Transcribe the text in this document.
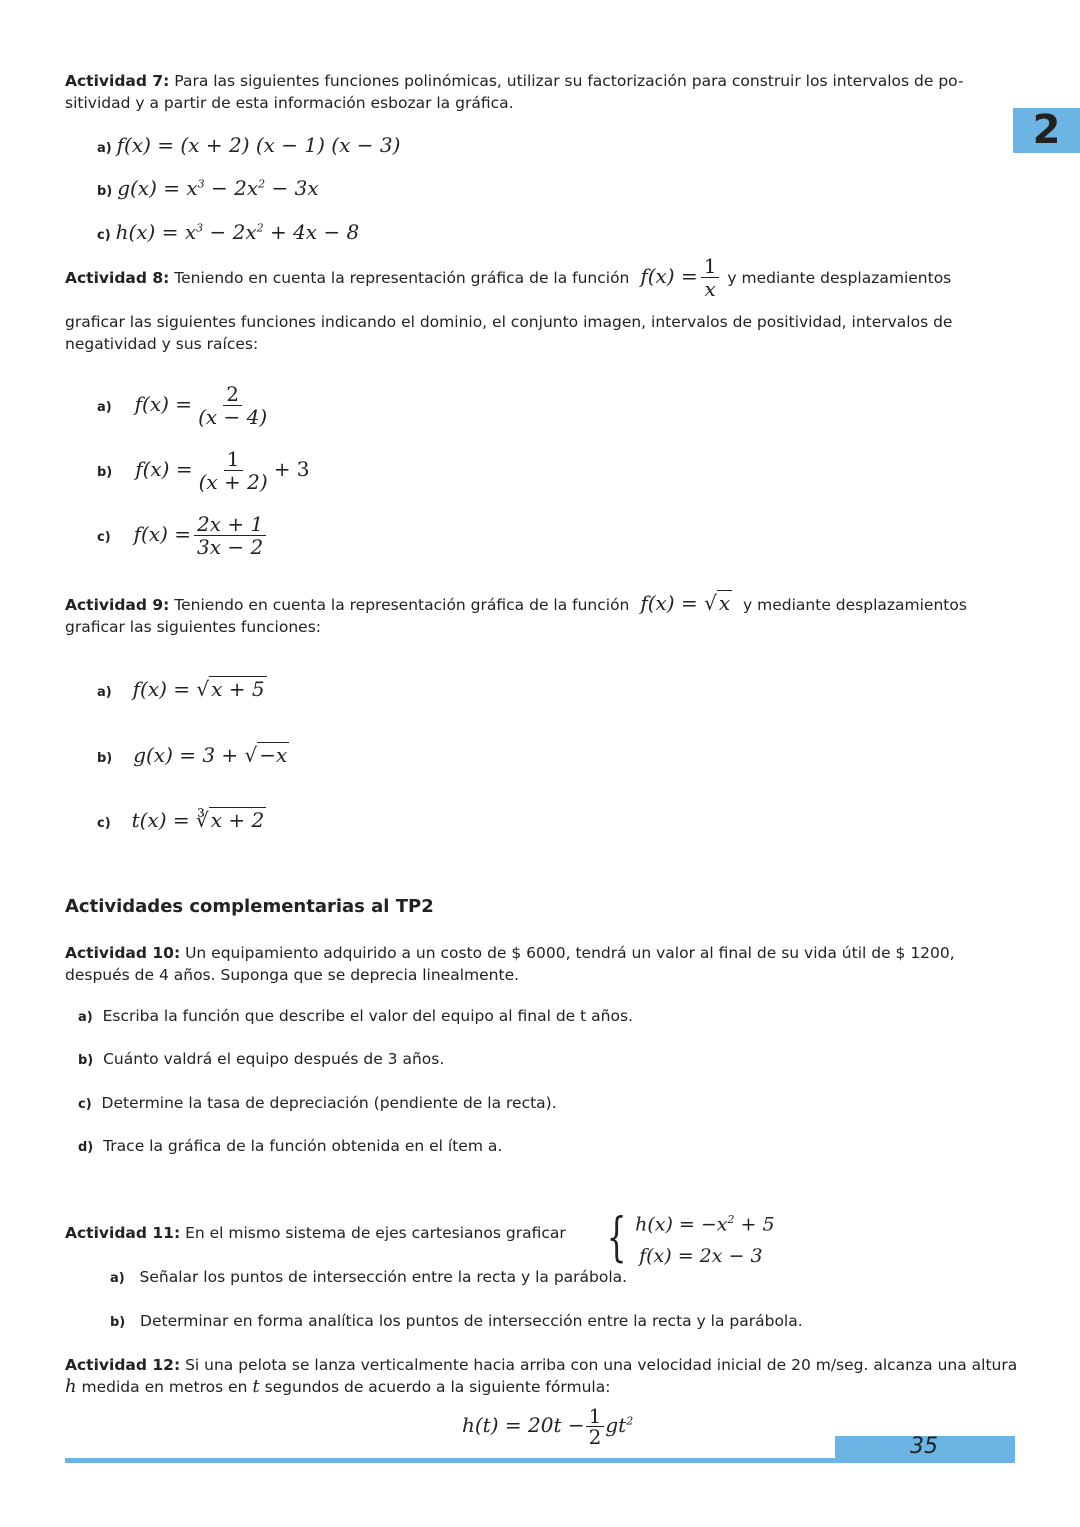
2
Actividad 7: Para las siguientes funciones polinómicas, utilizar su factorización para construir los intervalos de po-sitividad y a partir de esta información esbozar la gráfica.
a) f(x) = (x + 2) (x − 1) (x − 3)
b) $g(x) = x^3 - 2x^2 - 3x$
c) $h(x) = x^3 - 2x^2 + 4x - 8$
Actividad 8: Teniendo en cuenta la representación gráfica de la función $f(x) = \frac{1}{x}$ y mediante desplazamientos
graficar las siguientes funciones indicando el dominio, el conjunto imagen, intervalos de positividad, intervalos de negatividad y sus raíces:
a) $f(x) = \frac{2}{(x - 4)}$
b) $f(x) = \frac{1}{(x + 2)} + 3$
c) $f(x) = \frac{2x + 1}{3x - 2}$
Actividad 9: Teniendo en cuenta la representación gráfica de la función f(x) = √ x y mediante desplazamientos graficar las siguientes funciones:
a) f(x) = √ x + 5
b) g(x) = 3 + √ −x
c) t(x) = ∛ x + 2
Actividades complementarias al TP2
Actividad 10: Un equipamiento adquirido a un costo de $ 6000, tendrá un valor al final de su vida útil de $ 1200, después de 4 años. Suponga que se deprecia linealmente.
a) Escriba la función que describe el valor del equipo al final de t años.
b) Cuánto valdrá el equipo después de 3 años.
c) Determine la tasa de depreciación (pendiente de la recta).
d) Trace la gráfica de la función obtenida en el ítem a.
Actividad 11: En el mismo sistema de ejes cartesianos graficar { $h(x) = -x^2 + 5$
f(x) = 2x − 3
a) Señalar los puntos de intersección entre la recta y la parábola.
b) Determinar en forma analítica los puntos de intersección entre la recta y la parábola.
Actividad 12: Si una pelota se lanza verticalmente hacia arriba con una velocidad inicial de 20 m/seg. alcanza una altura h medida en metros en t segundos de acuerdo a la siguiente fórmula:
$h(t) = 20t - \frac{1}{2} gt^2$
35
